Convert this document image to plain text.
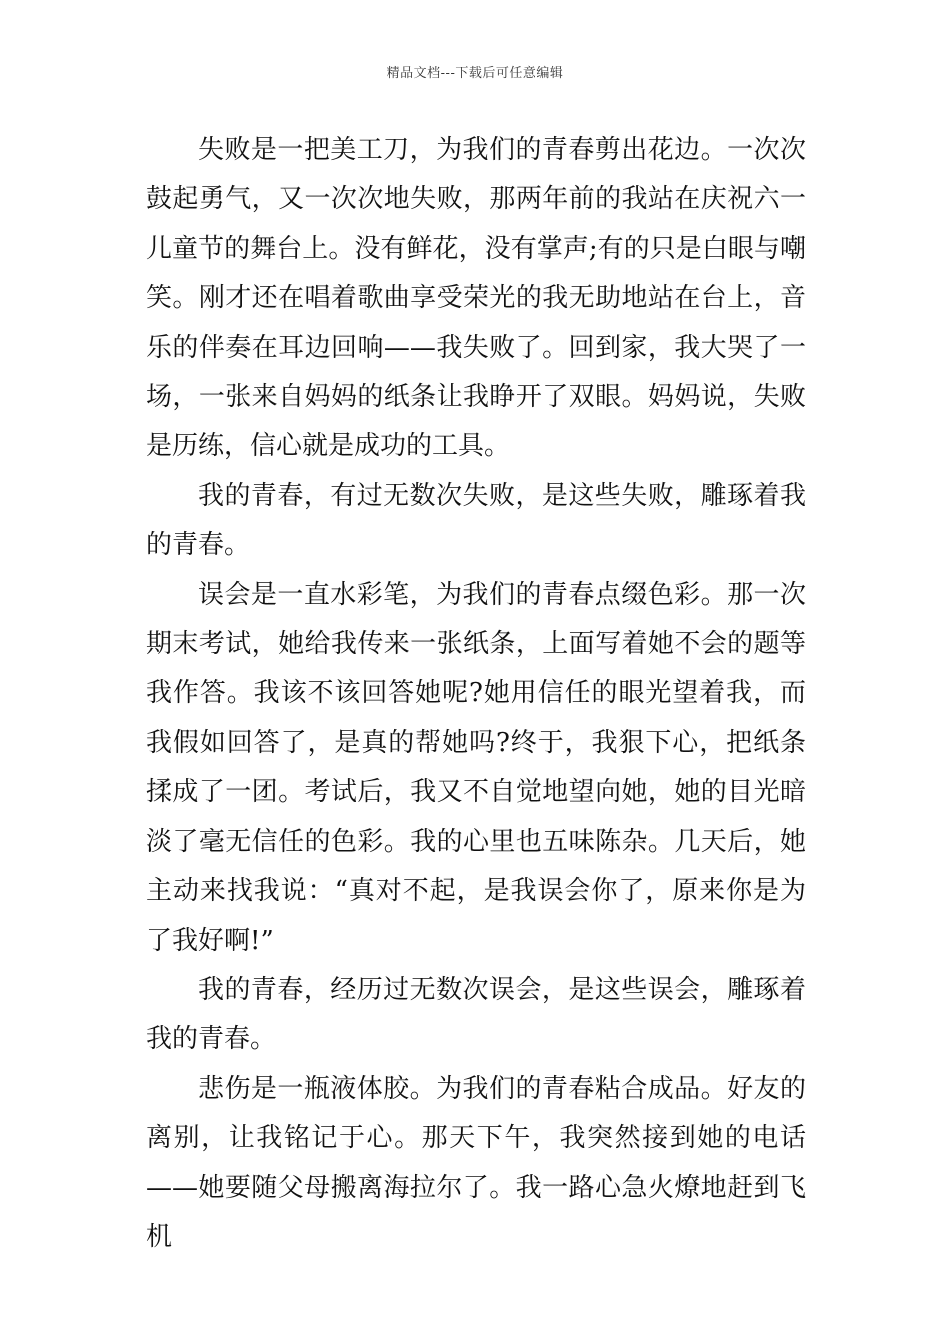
精品文档---下载后可任意编辑

失败是一把美工刀，为我们的青春剪出花边。一次次鼓起勇气，又一次次地失败，那两年前的我站在庆祝六一儿童节的舞台上。没有鲜花，没有掌声;有的只是白眼与嘲笑。刚才还在唱着歌曲享受荣光的我无助地站在台上，音乐的伴奏在耳边回响——我失败了。回到家，我大哭了一场，一张来自妈妈的纸条让我睁开了双眼。妈妈说，失败是历练，信心就是成功的工具。

我的青春，有过无数次失败，是这些失败，雕琢着我的青春。

误会是一直水彩笔，为我们的青春点缀色彩。那一次期末考试，她给我传来一张纸条，上面写着她不会的题等我作答。我该不该回答她呢?她用信任的眼光望着我，而我假如回答了，是真的帮她吗?终于，我狠下心，把纸条揉成了一团。考试后，我又不自觉地望向她，她的目光暗淡了毫无信任的色彩。我的心里也五味陈杂。几天后，她主动来找我说：“真对不起，是我误会你了，原来你是为了我好啊!”

我的青春，经历过无数次误会，是这些误会，雕琢着我的青春。

悲伤是一瓶液体胶。为我们的青春粘合成品。好友的离别，让我铭记于心。那天下午，我突然接到她的电话——她要随父母搬离海拉尔了。我一路心急火燎地赶到飞机
